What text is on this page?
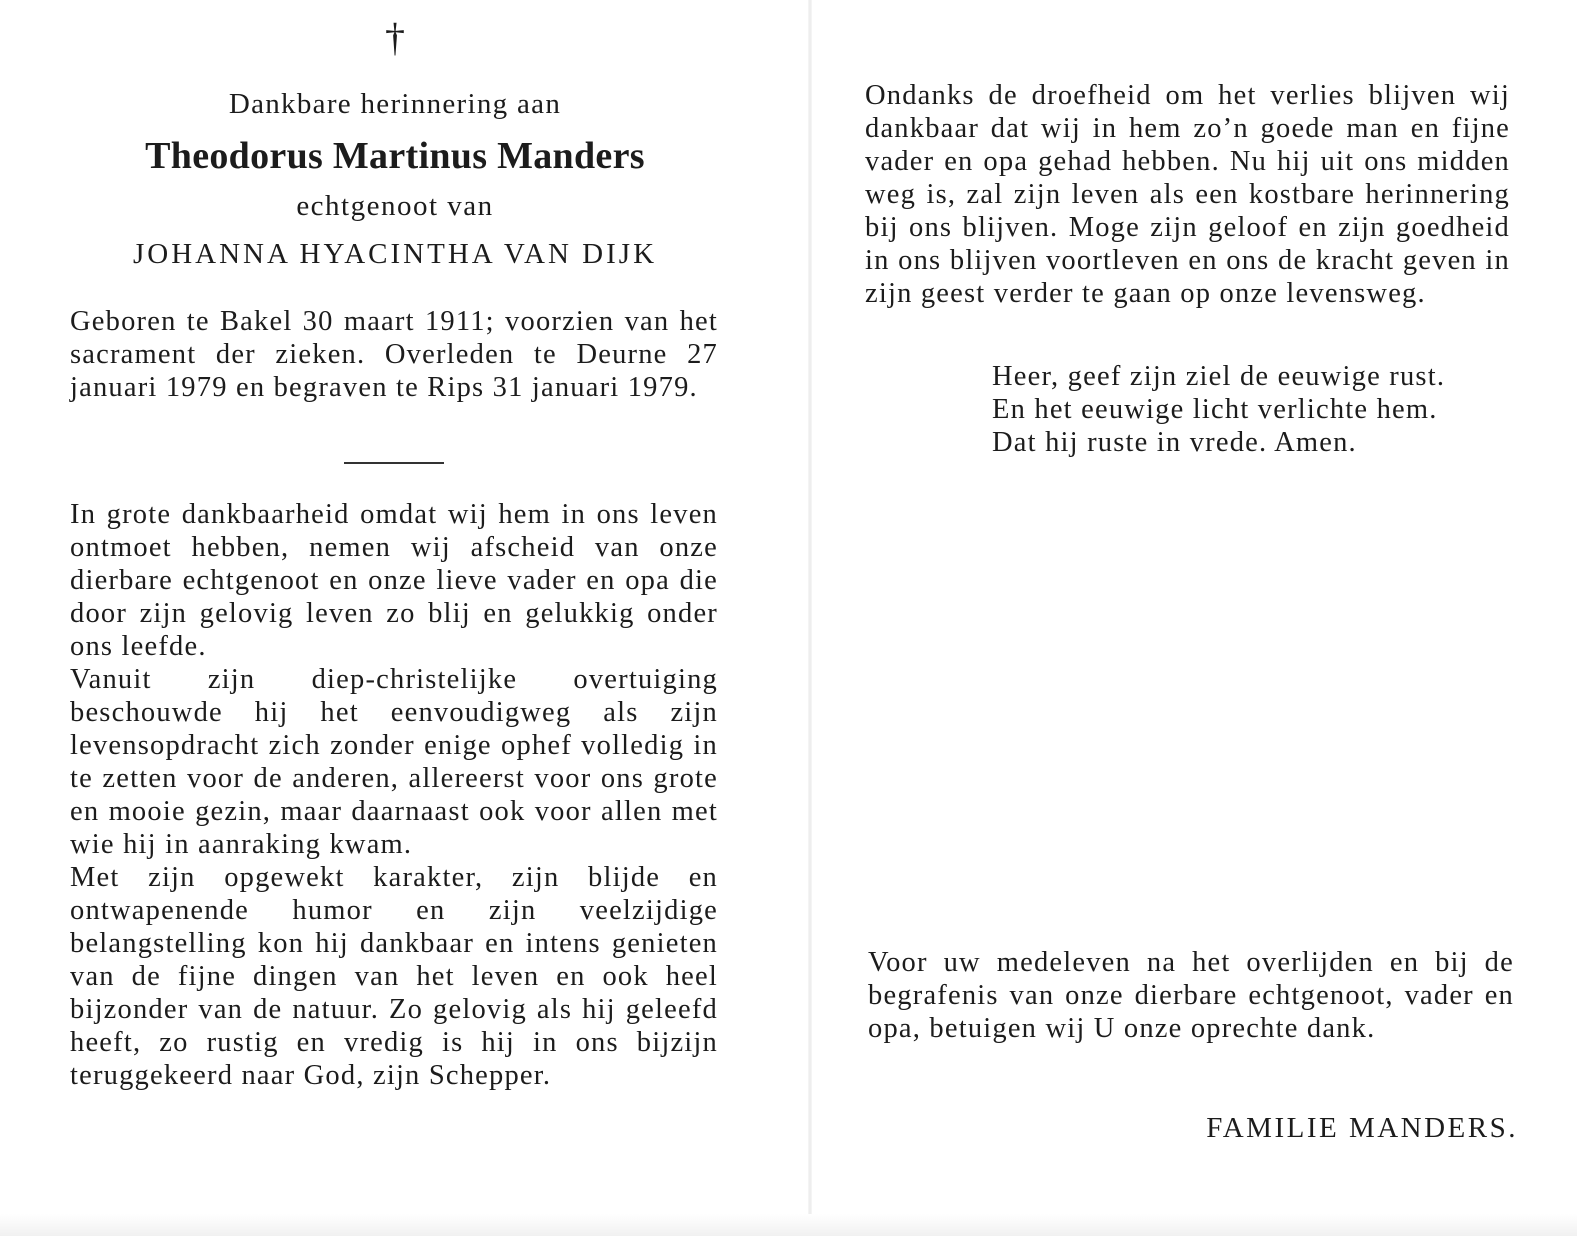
†
Dankbare herinnering aan
Theodorus Martinus Manders
echtgenoot van
JOHANNA HYACINTHA VAN DIJK

Geboren te Bakel 30 maart 1911; voorzien van het sacrament der zieken. Overleden te Deurne 27 januari 1979 en begraven te Rips 31 januari 1979.

In grote dankbaarheid omdat wij hem in ons leven ontmoet hebben, nemen wij afscheid van onze dierbare echtgenoot en onze lieve vader en opa die door zijn gelovig leven zo blij en gelukkig onder ons leefde.

Vanuit zijn diep-christelijke overtuiging beschouwde hij het eenvoudigweg als zijn levensopdracht zich zonder enige ophef volledig in te zetten voor de anderen, allereerst voor ons grote en mooie gezin, maar daarnaast ook voor allen met wie hij in aanraking kwam.

Met zijn opgewekt karakter, zijn blijde en ontwapenende humor en zijn veelzijdige belangstelling kon hij dankbaar en intens genieten van de fijne dingen van het leven en ook heel bijzonder van de natuur. Zo gelovig als hij geleefd heeft, zo rustig en vredig is hij in ons bijzijn teruggekeerd naar God, zijn Schepper.

Ondanks de droefheid om het verlies blijven wij dankbaar dat wij in hem zo’n goede man en fijne vader en opa gehad hebben. Nu hij uit ons midden weg is, zal zijn leven als een kostbare herinnering bij ons blijven. Moge zijn geloof en zijn goedheid in ons blijven voortleven en ons de kracht geven in zijn geest verder te gaan op onze levensweg.

Heer, geef zijn ziel de eeuwige rust.
En het eeuwige licht verlichte hem.
Dat hij ruste in vrede. Amen.

Voor uw medeleven na het overlijden en bij de begrafenis van onze dierbare echtgenoot, vader en opa, betuigen wij U onze oprechte dank.

FAMILIE MANDERS.
